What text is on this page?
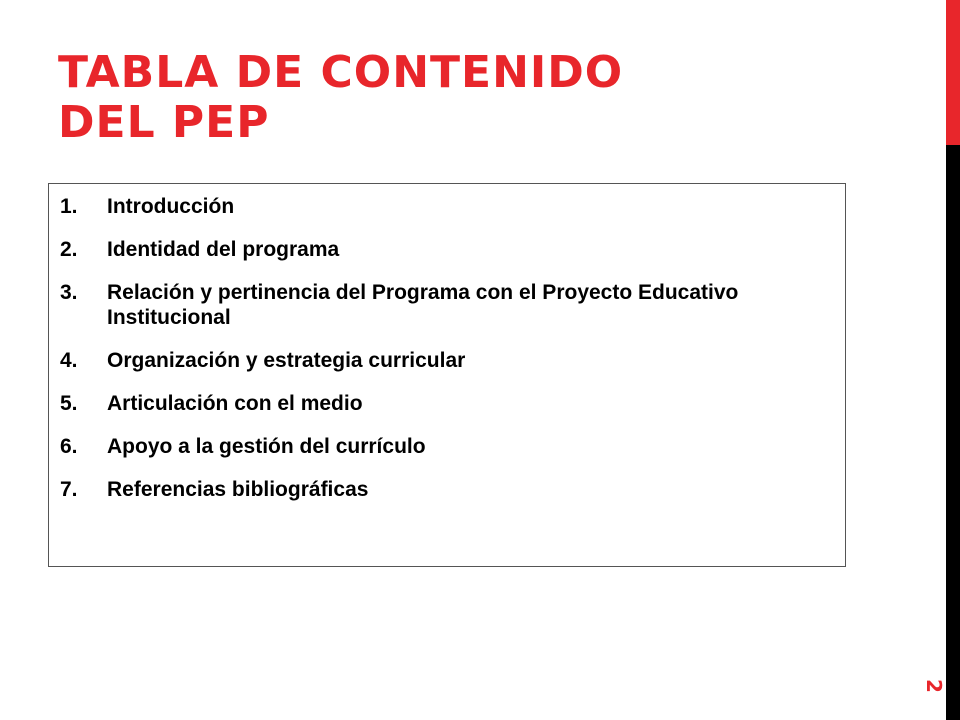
TABLA DE CONTENIDO
DEL PEP
1.	Introducción
2.	Identidad del programa
3.	Relación y pertinencia del Programa con el Proyecto Educativo Institucional
4.	Organización y estrategia curricular
5.	Articulación con el medio
6.	Apoyo a la gestión del currículo
7.	Referencias bibliográficas
2
